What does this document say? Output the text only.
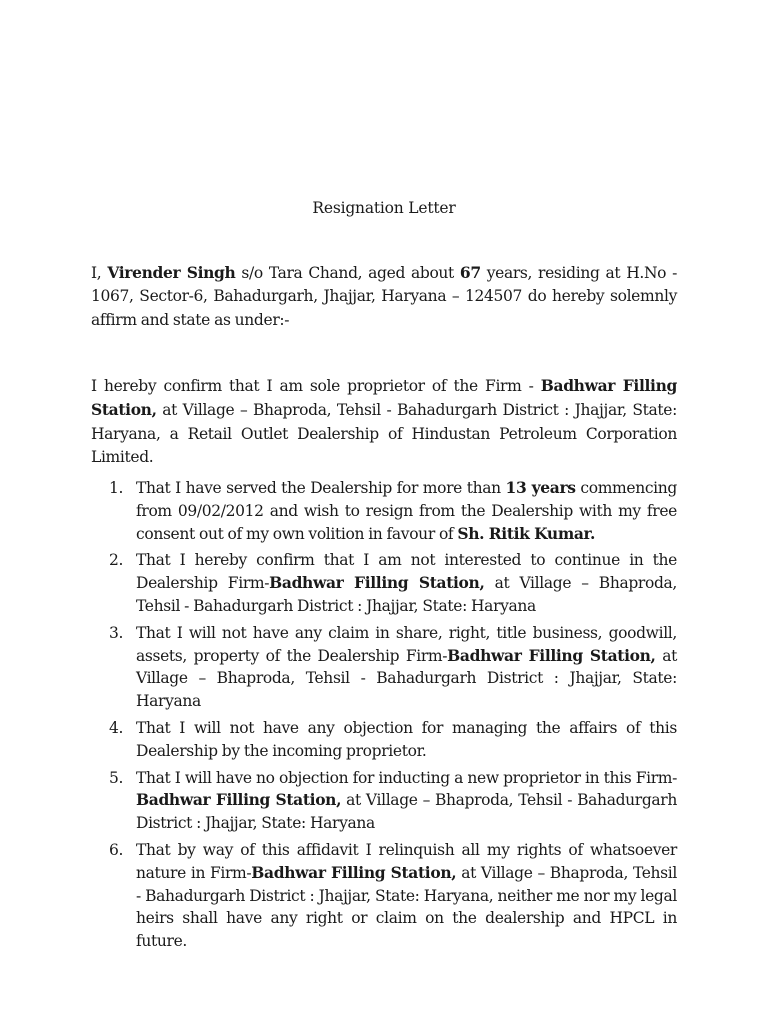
Resignation Letter

I, Virender Singh s/o Tara Chand, aged about 67 years, residing at H.No - 1067, Sector-6, Bahadurgarh, Jhajjar, Haryana – 124507 do hereby solemnly affirm and state as under:-

I hereby confirm that I am sole proprietor of the Firm - Badhwar Filling Station, at Village – Bhaproda, Tehsil - Bahadurgarh District : Jhajjar, State: Haryana, a Retail Outlet Dealership of Hindustan Petroleum Corporation Limited.

1. That I have served the Dealership for more than 13 years commencing from 09/02/2012 and wish to resign from the Dealership with my free consent out of my own volition in favour of Sh. Ritik Kumar.
2. That I hereby confirm that I am not interested to continue in the Dealership Firm-Badhwar Filling Station, at Village – Bhaproda, Tehsil - Bahadurgarh District : Jhajjar, State: Haryana
3. That I will not have any claim in share, right, title business, goodwill, assets, property of the Dealership Firm-Badhwar Filling Station, at Village – Bhaproda, Tehsil - Bahadurgarh District : Jhajjar, State: Haryana
4. That I will not have any objection for managing the affairs of this Dealership by the incoming proprietor.
5. That I will have no objection for inducting a new proprietor in this Firm-Badhwar Filling Station, at Village – Bhaproda, Tehsil - Bahadurgarh District : Jhajjar, State: Haryana
6. That by way of this affidavit I relinquish all my rights of whatsoever nature in Firm-Badhwar Filling Station, at Village – Bhaproda, Tehsil - Bahadurgarh District : Jhajjar, State: Haryana, neither me nor my legal heirs shall have any right or claim on the dealership and HPCL in future.
